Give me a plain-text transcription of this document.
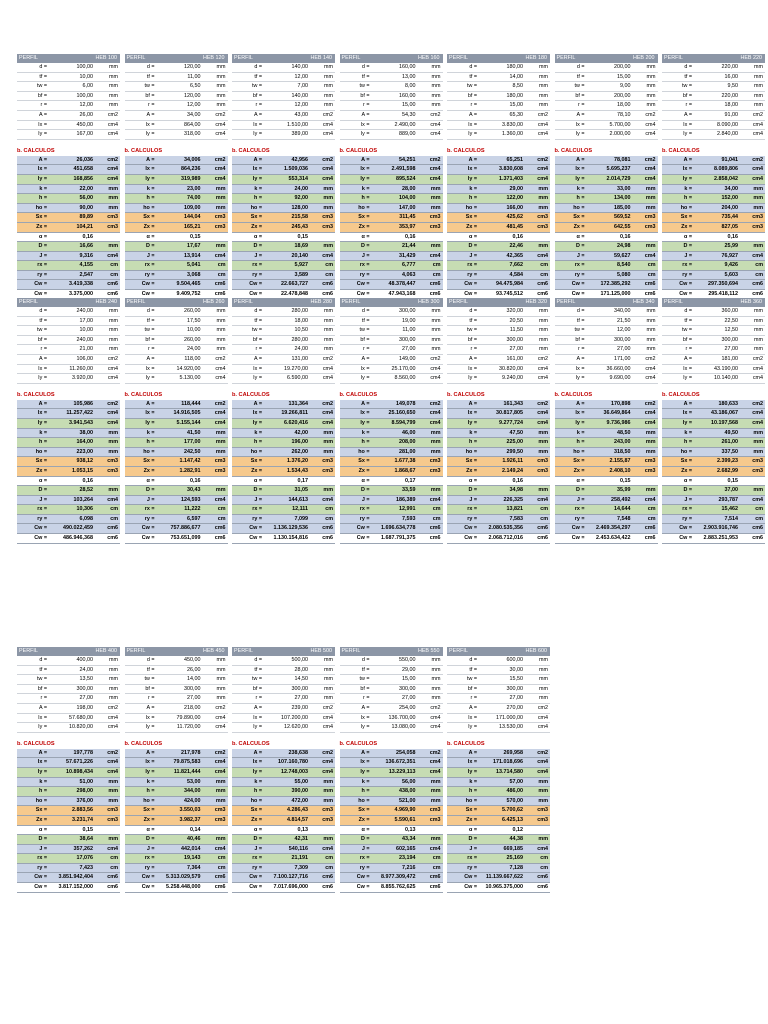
PERFIL	HEB 100	
d =	100,00	mm
tf =	10,00	mm
tw =	6,00	mm
bf =	100,00	mm
r =	12,00	mm
A =	26,00	cm2
Ix =	450,00	cm4
Iy =	167,00	cm4
b. CALCULOS
A =	26,036	cm2
Ix =	451,658	cm4
Iy =	168,856	cm4
k =	22,00	mm
h =	56,00	mm
ho =	90,00	mm
Sx =	89,89	cm3
Zx =	104,21	cm3
α =	0,16	
D =	16,66	mm
J =	9,316	cm4
rx =	4,155	cm
ry =	2,547	cm
Cw =	3.419,338	cm6
Cw =	3.375,000	cm6
PERFIL	HEB 120	
d =	120,00	mm
tf =	11,00	mm
tw =	6,50	mm
bf =	120,00	mm
r =	12,00	mm
A =	34,00	cm2
Ix =	864,00	cm4
Iy =	318,00	cm4
b. CALCULOS
A =	34,006	cm2
Ix =	864,236	cm4
Iy =	319,989	cm4
k =	23,00	mm
h =	74,00	mm
ho =	109,00	mm
Sx =	144,04	cm3
Zx =	165,21	cm3
α =	0,15	
D =	17,67	mm
J =	13,914	cm4
rx =	5,041	cm
ry =	3,068	cm
Cw =	9.504,465	cm6
Cw =	9.409,752	cm6
PERFIL	HEB 140	
d =	140,00	mm
tf =	12,00	mm
tw =	7,00	mm
bf =	140,00	mm
r =	12,00	mm
A =	43,00	cm2
Ix =	1.510,00	cm4
Iy =	389,00	cm4
b. CALCULOS
A =	42,956	cm2
Ix =	1.509,036	cm4
Iy =	553,314	cm4
k =	24,00	mm
h =	92,00	mm
ho =	128,00	mm
Sx =	215,58	cm3
Zx =	245,43	cm3
α =	0,15	
D =	18,69	mm
J =	20,140	cm4
rx =	5,927	cm
ry =	3,589	cm
Cw =	22.663,727	cm6
Cw =	22.478,848	cm6
PERFIL	HEB 160	
d =	160,00	mm
tf =	13,00	mm
tw =	8,00	mm
bf =	160,00	mm
r =	15,00	mm
A =	54,30	cm2
Ix =	2.490,00	cm4
Iy =	889,00	cm4
b. CALCULOS
A =	54,251	cm2
Ix =	2.491,598	cm4
Iy =	895,524	cm4
k =	28,00	mm
h =	104,00	mm
ho =	147,00	mm
Sx =	311,45	cm3
Zx =	353,97	cm3
α =	0,16	
D =	21,44	mm
J =	31,429	cm4
rx =	6,777	cm
ry =	4,063	cm
Cw =	48.378,447	cm6
Cw =	47.943,168	cm6
PERFIL	HEB 180	
d =	180,00	mm
tf =	14,00	mm
tw =	8,50	mm
bf =	180,00	mm
r =	15,00	mm
A =	65,30	cm2
Ix =	3.830,00	cm4
Iy =	1.360,00	cm4
b. CALCULOS
A =	65,251	cm2
Ix =	3.830,608	cm4
Iy =	1.371,403	cm4
k =	29,00	mm
h =	122,00	mm
ho =	166,00	mm
Sx =	425,62	cm3
Zx =	481,45	cm3
α =	0,16	
D =	22,46	mm
J =	42,365	cm4
rx =	7,662	cm
ry =	4,584	cm
Cw =	94.475,984	cm6
Cw =	93.745,512	cm6
PERFIL	HEB 200	
d =	200,00	mm
tf =	15,00	mm
tw =	9,00	mm
bf =	200,00	mm
r =	18,00	mm
A =	78,10	cm2
Ix =	5.700,00	cm4
Iy =	2.000,00	cm4
b. CALCULOS
A =	78,081	cm2
Ix =	5.695,237	cm4
Iy =	2.014,729	cm4
k =	33,00	mm
h =	134,00	mm
ho =	185,00	mm
Sx =	569,52	cm3
Zx =	642,55	cm3
α =	0,16	
D =	24,98	mm
J =	59,627	cm4
rx =	8,540	cm
ry =	5,080	cm
Cw =	172.385,292	cm6
Cw =	171.125,000	cm6
PERFIL	HEB 220	
d =	220,00	mm
tf =	16,00	mm
tw =	9,50	mm
bf =	220,00	mm
r =	18,00	mm
A =	91,00	cm2
Ix =	8.090,00	cm4
Iy =	2.840,00	cm4
b. CALCULOS
A =	91,041	cm2
Ix =	8.089,806	cm4
Iy =	2.858,042	cm4
k =	34,00	mm
h =	152,00	mm
ho =	204,00	mm
Sx =	735,44	cm3
Zx =	827,05	cm3
α =	0,16	
D =	25,99	mm
J =	76,927	cm4
rx =	9,426	cm
ry =	5,603	cm
Cw =	297.350,694	cm6
Cw =	295.418,112	cm6
PERFIL	HEB 240	
d =	240,00	mm
tf =	17,00	mm
tw =	10,00	mm
bf =	240,00	mm
r =	21,00	mm
A =	106,00	cm2
Ix =	11.260,00	cm4
Iy =	3.920,00	cm4
b. CALCULOS
A =	105,986	cm2
Ix =	11.257,422	cm4
Iy =	3.941,543	cm4
k =	38,00	mm
h =	164,00	mm
ho =	223,00	mm
Sx =	938,12	cm3
Zx =	1.053,15	cm3
α =	0,16	
D =	28,52	mm
J =	103,264	cm4
rx =	10,306	cm
ry =	6,098	cm
Cw =	490.022,459	cm6
Cw =	486.946,368	cm6
PERFIL	HEB 260	
d =	260,00	mm
tf =	17,50	mm
tw =	10,00	mm
bf =	260,00	mm
r =	24,00	mm
A =	118,00	cm2
Ix =	14.920,00	cm4
Iy =	5.130,00	cm4
b. CALCULOS
A =	118,444	cm2
Ix =	14.916,505	cm4
Iy =	5.155,144	cm4
k =	41,50	mm
h =	177,00	mm
ho =	242,50	mm
Sx =	1.147,42	cm3
Zx =	1.282,91	cm3
α =	0,16	
D =	30,43	mm
J =	124,593	cm4
rx =	11,222	cm
ry =	6,597	cm
Cw =	757.886,677	cm6
Cw =	753.651,099	cm6
PERFIL	HEB 280	
d =	280,00	mm
tf =	18,00	mm
tw =	10,50	mm
bf =	280,00	mm
r =	24,00	mm
A =	131,00	cm2
Ix =	19.270,00	cm4
Iy =	6.590,00	cm4
b. CALCULOS
A =	131,364	cm2
Ix =	19.266,811	cm4
Iy =	6.620,416	cm4
k =	42,00	mm
h =	196,00	mm
ho =	262,00	mm
Sx =	1.376,20	cm3
Zx =	1.534,43	cm3
α =	0,17	
D =	31,05	mm
J =	144,613	cm4
rx =	12,111	cm
ry =	7,099	cm
Cw =	1.136.129,536	cm6
Cw =	1.130.154,816	cm6
PERFIL	HEB 300	
d =	300,00	mm
tf =	19,00	mm
tw =	11,00	mm
bf =	300,00	mm
r =	27,00	mm
A =	149,00	cm2
Ix =	25.170,00	cm4
Iy =	8.560,00	cm4
b. CALCULOS
A =	149,078	cm2
Ix =	25.160,650	cm4
Iy =	8.594,799	cm4
k =	46,00	mm
h =	208,00	mm
ho =	281,00	mm
Sx =	1.677,38	cm3
Zx =	1.868,67	cm3
α =	0,17	
D =	33,59	mm
J =	186,389	cm4
rx =	12,991	cm
ry =	7,593	cm
Cw =	1.696.634,778	cm6
Cw =	1.687.791,375	cm6
PERFIL	HEB 320	
d =	320,00	mm
tf =	20,50	mm
tw =	11,50	mm
bf =	300,00	mm
r =	27,00	mm
A =	161,00	cm2
Ix =	30.820,00	cm4
Iy =	9.240,00	cm4
b. CALCULOS
A =	161,343	cm2
Ix =	30.817,805	cm4
Iy =	9.277,724	cm4
k =	47,50	mm
h =	225,00	mm
ho =	299,50	mm
Sx =	1.926,11	cm3
Zx =	2.149,24	cm3
α =	0,16	
D =	34,98	mm
J =	226,325	cm4
rx =	13,821	cm
ry =	7,583	cm
Cw =	2.080.535,356	cm6
Cw =	2.068.712,016	cm6
PERFIL	HEB 340	
d =	340,00	mm
tf =	21,50	mm
tw =	12,00	mm
bf =	300,00	mm
r =	27,00	mm
A =	171,00	cm2
Ix =	36.660,00	cm4
Iy =	9.690,00	cm4
b. CALCULOS
A =	170,898	cm2
Ix =	36.649,864	cm4
Iy =	9.736,986	cm4
k =	48,50	mm
h =	243,00	mm
ho =	318,50	mm
Sx =	2.155,87	cm3
Zx =	2.408,10	cm3
α =	0,15	
D =	35,99	mm
J =	258,492	cm4
rx =	14,644	cm
ry =	7,548	cm
Cw =	2.469.354,297	cm6
Cw =	2.453.634,422	cm6
PERFIL	HEB 360	
d =	360,00	mm
tf =	22,50	mm
tw =	12,50	mm
bf =	300,00	mm
r =	27,00	mm
A =	181,00	cm2
Ix =	43.190,00	cm4
Iy =	10.140,00	cm4
b. CALCULOS
A =	180,633	cm2
Ix =	43.186,067	cm4
Iy =	10.197,568	cm4
k =	49,50	mm
h =	261,00	mm
ho =	337,50	mm
Sx =	2.399,23	cm3
Zx =	2.682,99	cm3
α =	0,15	
D =	37,00	mm
J =	293,787	cm4
rx =	15,462	cm
ry =	7,514	cm
Cw =	2.903.916,746	cm6
Cw =	2.883.251,953	cm6
PERFIL	HEB 400	
d =	400,00	mm
tf =	24,00	mm
tw =	13,50	mm
bf =	300,00	mm
r =	27,00	mm
A =	198,00	cm2
Ix =	57.680,00	cm4
Iy =	10.820,00	cm4
b. CALCULOS
A =	197,778	cm2
Ix =	57.671,226	cm4
Iy =	10.898,434	cm4
k =	51,00	mm
h =	298,00	mm
ho =	376,00	mm
Sx =	2.883,56	cm3
Zx =	3.231,74	cm3
α =	0,15	
D =	38,64	mm
J =	357,262	cm4
rx =	17,076	cm
ry =	7,423	cm
Cw =	3.851.942,404	cm6
Cw =	3.817.152,000	cm6
PERFIL	HEB 450	
d =	450,00	mm
tf =	26,00	mm
tw =	14,00	mm
bf =	300,00	mm
r =	27,00	mm
A =	218,00	cm2
Ix =	79.890,00	cm4
Iy =	11.720,00	cm4
b. CALCULOS
A =	217,978	cm2
Ix =	79.875,583	cm4
Iy =	11.821,444	cm4
k =	53,00	mm
h =	344,00	mm
ho =	424,00	mm
Sx =	3.550,03	cm3
Zx =	3.982,37	cm3
α =	0,14	
D =	40,46	mm
J =	442,014	cm4
rx =	19,143	cm
ry =	7,364	cm
Cw =	5.313.029,579	cm6
Cw =	5.258.448,000	cm6
PERFIL	HEB 500	
d =	500,00	mm
tf =	28,00	mm
tw =	14,50	mm
bf =	300,00	mm
r =	27,00	mm
A =	239,00	cm2
Ix =	107.200,00	cm4
Iy =	12.620,00	cm4
b. CALCULOS
A =	238,638	cm2
Ix =	107.160,780	cm4
Iy =	12.748,003	cm4
k =	55,00	mm
h =	390,00	mm
ho =	472,00	mm
Sx =	4.286,43	cm3
Zx =	4.814,57	cm3
α =	0,13	
D =	42,31	mm
J =	540,116	cm4
rx =	21,191	cm
ry =	7,309	cm
Cw =	7.100.127,716	cm6
Cw =	7.017.696,000	cm6
PERFIL	HEB 550	
d =	550,00	mm
tf =	29,00	mm
tw =	15,00	mm
bf =	300,00	mm
r =	27,00	mm
A =	254,00	cm2
Ix =	136.700,00	cm4
Iy =	13.080,00	cm4
b. CALCULOS
A =	254,058	cm2
Ix =	136.672,351	cm4
Iy =	13.229,113	cm4
k =	56,00	mm
h =	438,00	mm
ho =	521,00	mm
Sx =	4.969,90	cm3
Zx =	5.590,61	cm3
α =	0,13	
D =	43,34	mm
J =	602,165	cm4
rx =	23,194	cm
ry =	7,216	cm
Cw =	8.977.309,472	cm6
Cw =	8.855.762,625	cm6
PERFIL	HEB 600	
d =	600,00	mm
tf =	30,00	mm
tw =	15,50	mm
bf =	300,00	mm
r =	27,00	mm
A =	270,00	cm2
Ix =	171.000,00	cm4
Iy =	13.530,00	cm4
b. CALCULOS
A =	269,958	cm2
Ix =	171.018,696	cm4
Iy =	13.714,580	cm4
k =	57,00	mm
h =	486,00	mm
ho =	570,00	mm
Sx =	5.700,62	cm3
Zx =	6.425,13	cm3
α =	0,12	
D =	44,38	mm
J =	669,185	cm4
rx =	25,169	cm
ry =	7,128	cm
Cw =	11.139.667,622	cm6
Cw =	10.965.375,000	cm6
